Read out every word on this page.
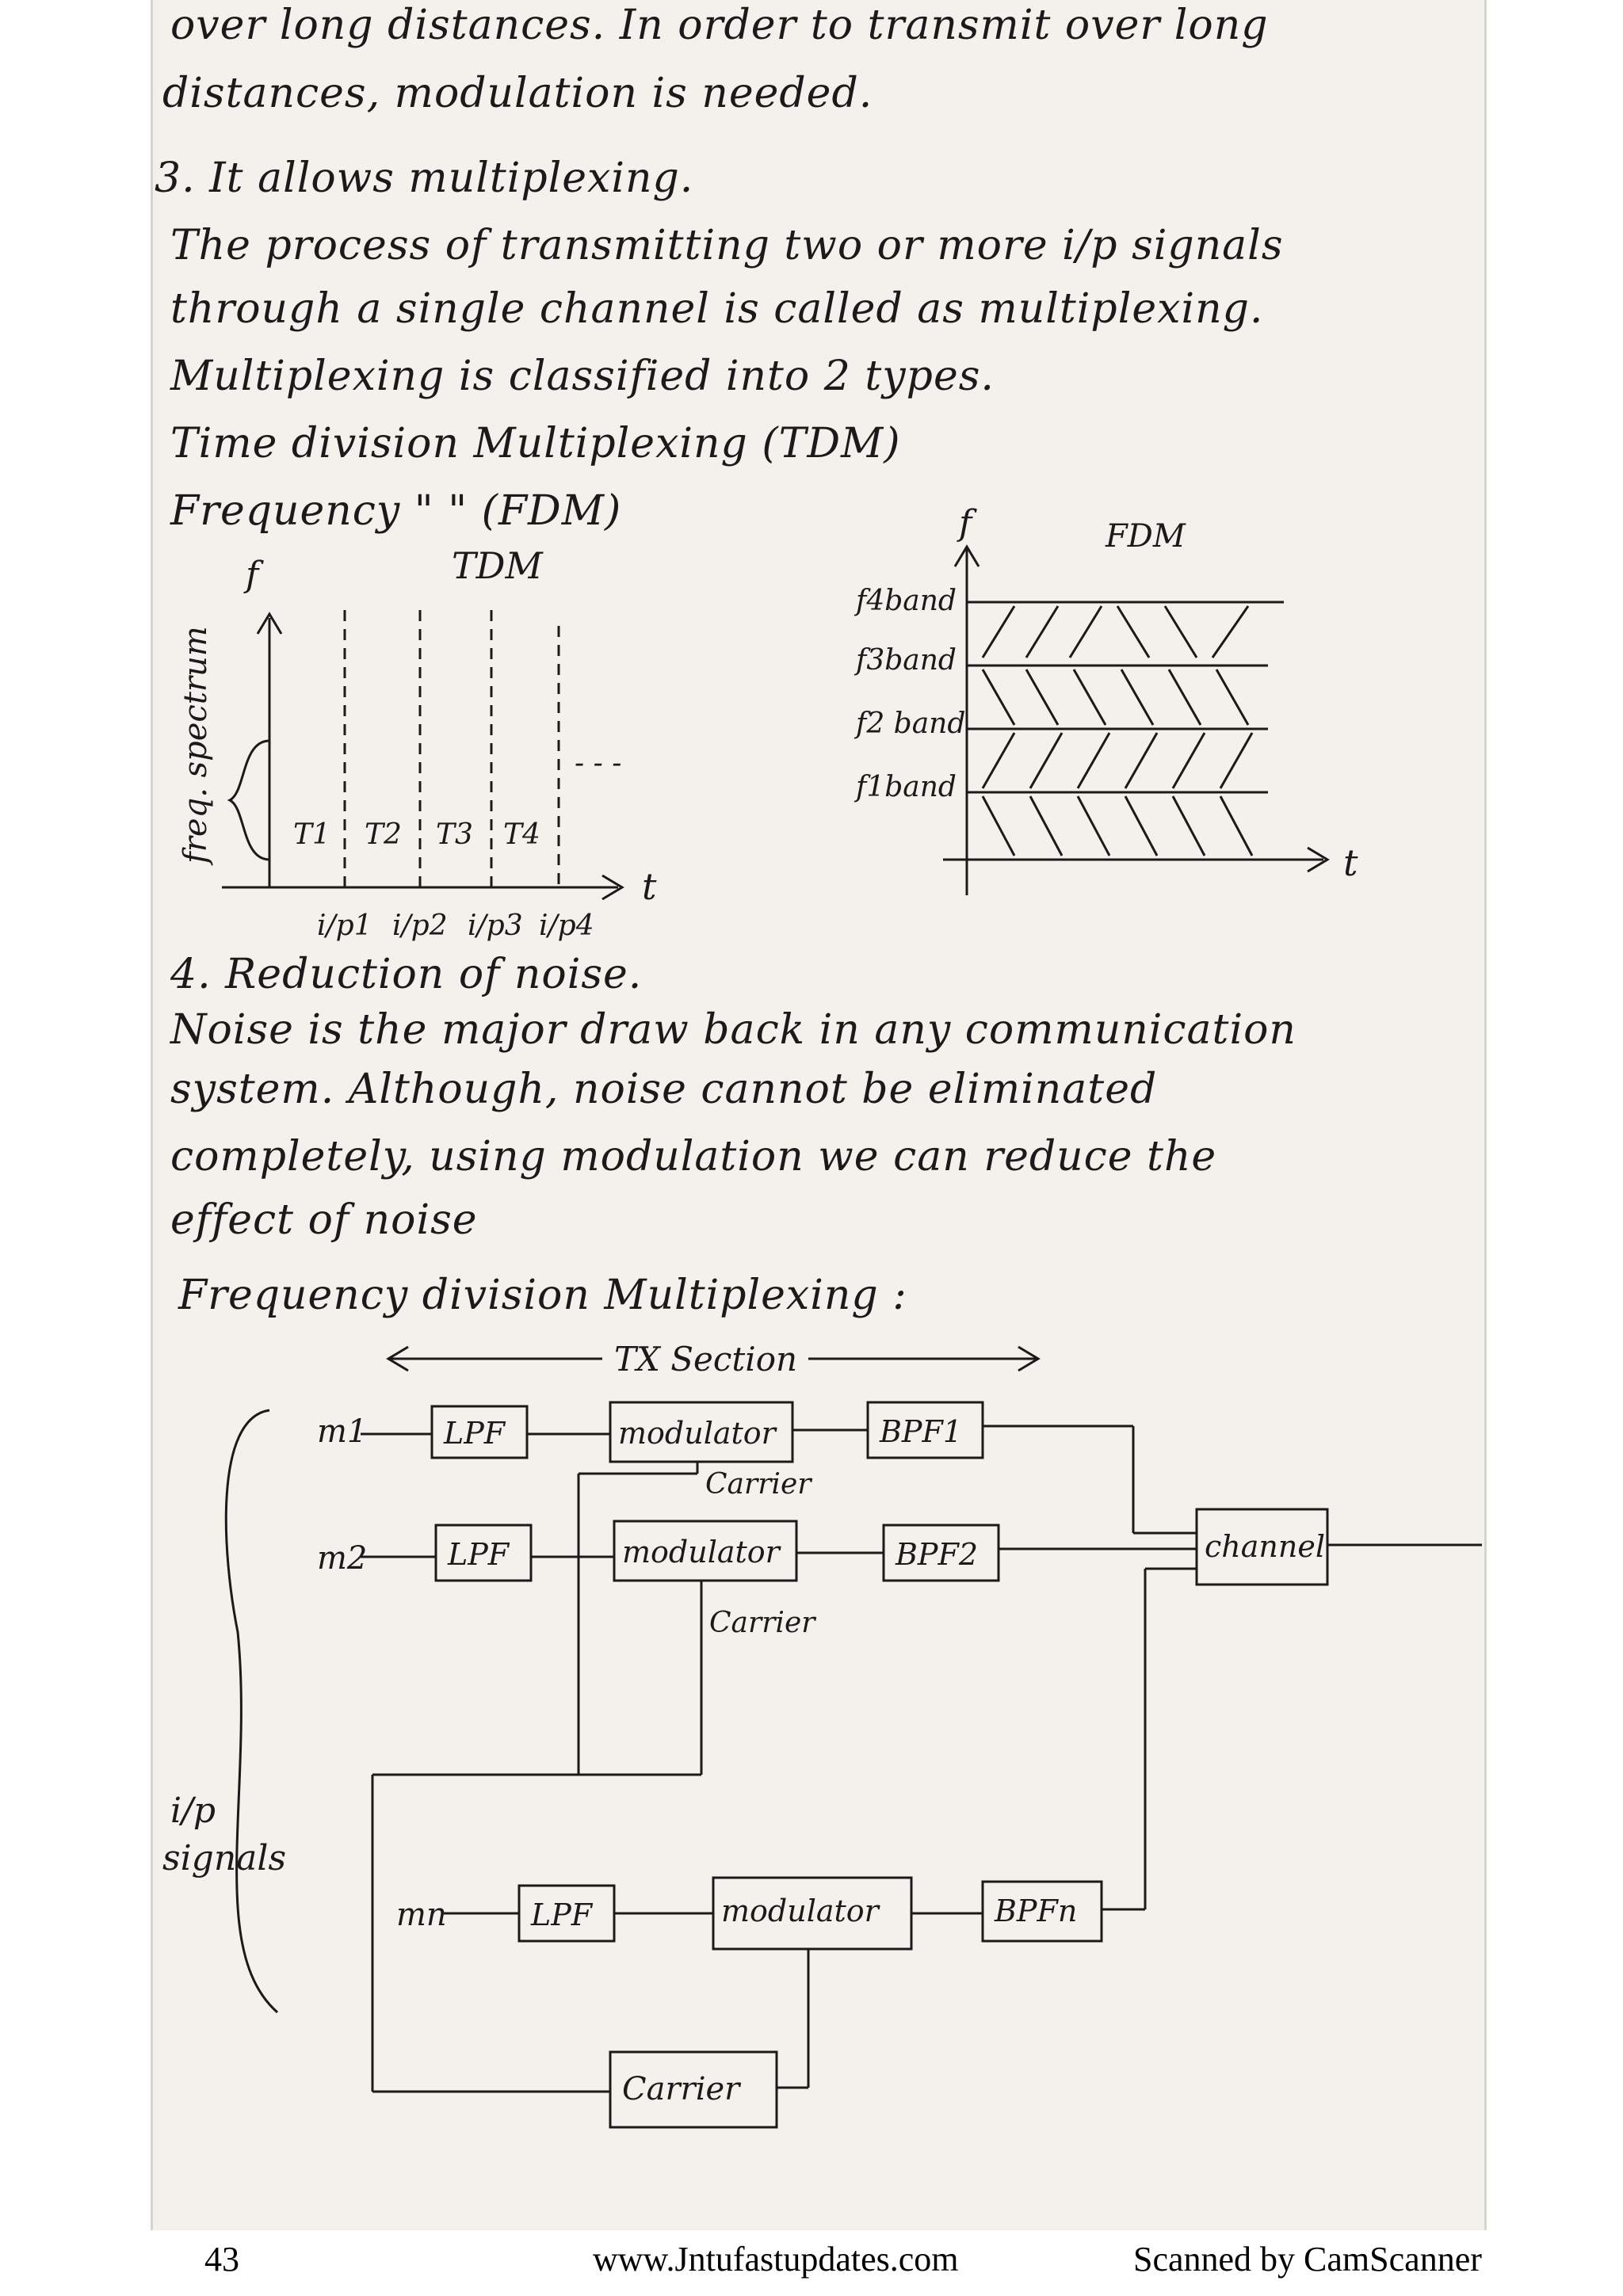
over long distances. In order to transmit over long
distances, modulation is needed.
3. It allows multiplexing.
The process of transmitting two or more i/p signals
through a single channel is called as multiplexing.
Multiplexing is classified into 2 types.
Time division Multiplexing (TDM)
Frequency " " (FDM)
TDM
f
freq. spectrum
t
T1 T2 T3 T4
- - -
i/p1 i/p2 i/p3 i/p4
FDM
f
t
f4band
f3band
f2 band
f1band
4. Reduction of noise.
Noise is the major draw back in any communication
system. Although, noise cannot be eliminated
completely, using modulation we can reduce the
effect of noise
Frequency division Multiplexing :
TX Section
i/p
signals
m1	LPF	modulator	BPF1
Carrier
m2	LPF	modulator	BPF2
Carrier
channel
mn	LPF	modulator	BPFn
Carrier
43	www.Jntufastupdates.com	Scanned by CamScanner
